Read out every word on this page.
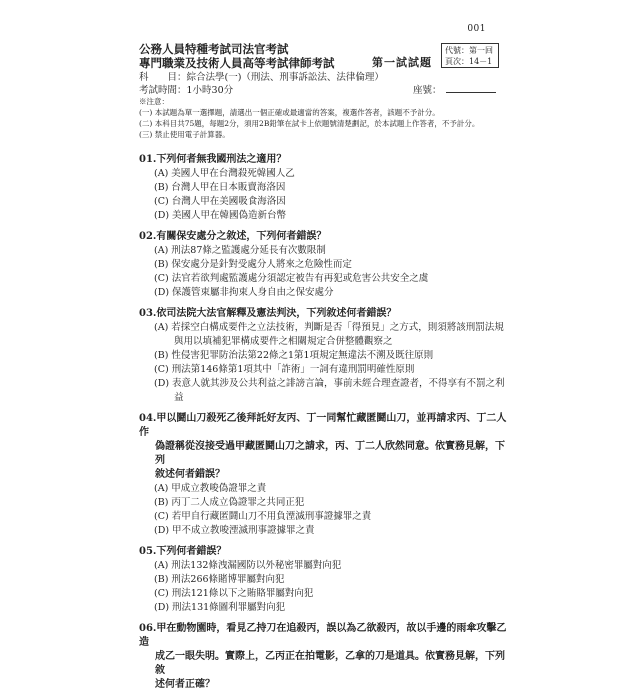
001
公務人員特種考試司法官考試
專門職業及技術人員高等考試律師考試
科　　目：綜合法學(一)（刑法、刑事訴訟法、法律倫理）
考試時間：1小時30分
第一試試題
代號：第一回
頁次：14－1
座號：
※注意：
(一) 本試題為單一選擇題，請選出一個正確或最適當的答案，複選作答者，該題不予計分。
(二) 本科目共75題，每題2分，須用2B鉛筆在試卡上依題號清楚劃記，於本試題上作答者，不予計分。
(三) 禁止使用電子計算器。
01.下列何者無我國刑法之適用？
(A) 美國人甲在台灣殺死韓國人乙
(B) 台灣人甲在日本販賣海洛因
(C) 台灣人甲在美國吸食海洛因
(D) 美國人甲在韓國偽造新台幣
02.有關保安處分之敘述，下列何者錯誤？
(A) 刑法87條之監護處分延長有次數限制
(B) 保安處分是針對受處分人將來之危險性而定
(C) 法官若欲判處監護處分須認定被告有再犯或危害公共安全之虞
(D) 保護管束屬非拘束人身自由之保安處分
03.依司法院大法官解釋及憲法判決，下列敘述何者錯誤？
(A) 若採空白構成要件之立法技術，判斷是否「得預見」之方式，則須將該刑罰法規
與用以填補犯罪構成要件之相關規定合併整體觀察之
(B) 性侵害犯罪防治法第22條之1第1項規定無違法不溯及既往原則
(C) 刑法第146條第1項其中「詐術」一詞有違刑罰明確性原則
(D) 表意人就其涉及公共利益之誹謗言論，事前未經合理查證者，不得享有不罰之利
益
04.甲以鬪山刀殺死乙後拜託好友丙、丁一同幫忙藏匿鬪山刀，並再請求丙、丁二人作
偽證稱從沒接受過甲藏匿鬪山刀之請求，丙、丁二人欣然同意。依實務見解，下列
敘述何者錯誤？
(A) 甲成立教唆偽證罪之責
(B) 丙丁二人成立偽證罪之共同正犯
(C) 若甲自行藏匿鬪山刀不用負湮滅刑事證據罪之責
(D) 甲不成立教唆湮滅刑事證據罪之責
05.下列何者錯誤？
(A) 刑法132條洩漏國防以外秘密罪屬對向犯
(B) 刑法266條賭博罪屬對向犯
(C) 刑法121條以下之賄賂罪屬對向犯
(D) 刑法131條圖利罪屬對向犯
06.甲在動物園時，看見乙持刀在追殺丙，誤以為乙欲殺丙，故以手邊的雨傘攻擊乙造
成乙一眼失明。實際上，乙丙正在拍電影，乙拿的刀是道具。依實務見解，下列敘
述何者正確？
